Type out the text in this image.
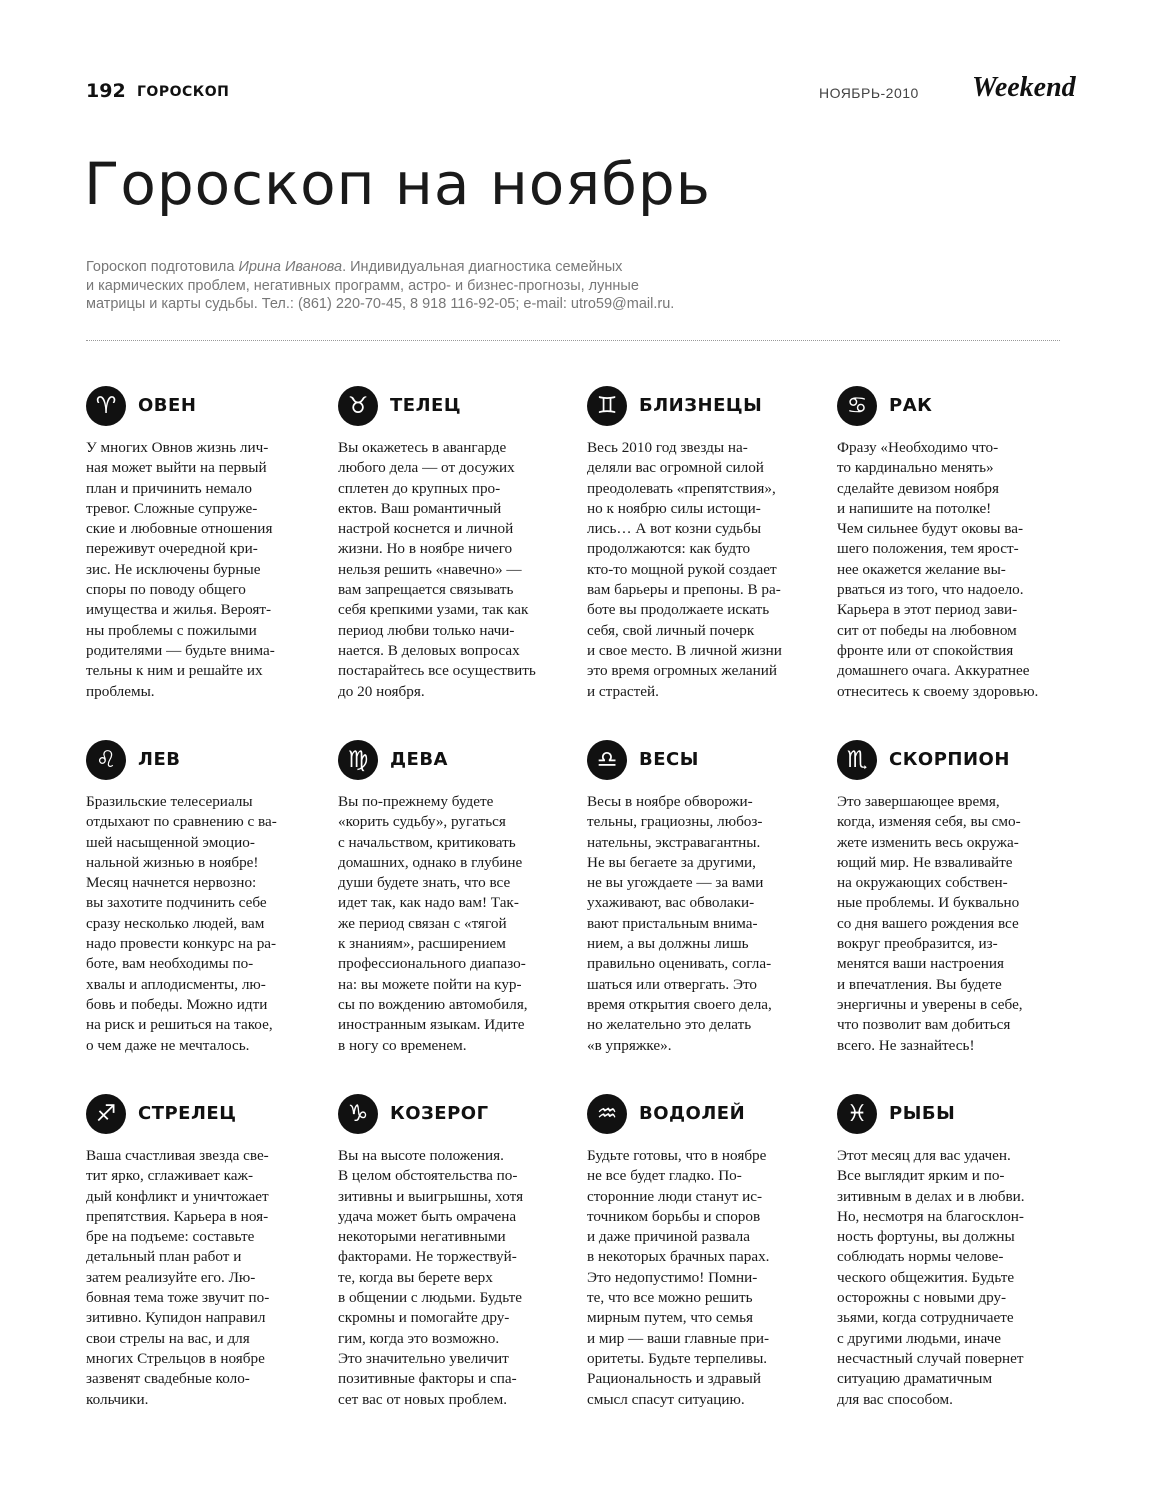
192 ГОРОСКОП	НОЯБРЬ-2010 Weekend
Гороскоп на ноябрь

Гороскоп подготовила Ирина Иванова. Индивидуальная диагностика семейных
и кармических проблем, негативных программ, астро- и бизнес-прогнозы, лунные
матрицы и карты судьбы. Тел.: (861) 220-70-45, 8 918 116-92-05; e-mail: utro59@mail.ru.

♈	ОВЕН

У многих Овнов жизнь лич-
ная может выйти на первый
план и причинить немало
тревог. Сложные супруже-
ские и любовные отношения
переживут очередной кри-
зис. Не исключены бурные
споры по поводу общего
имущества и жилья. Вероят-
ны проблемы с пожилыми
родителями — будьте внима-
тельны к ним и решайте их
проблемы.

♉	ТЕЛЕЦ

Вы окажетесь в авангарде
любого дела — от досужих
сплетен до крупных про-
ектов. Ваш романтичный
настрой коснется и личной
жизни. Но в ноябре ничего
нельзя решить «навечно» —
вам запрещается связывать
себя крепкими узами, так как
период любви только начи-
нается. В деловых вопросах
постарайтесь все осуществить
до 20 ноября.

♊	БЛИЗНЕЦЫ

Весь 2010 год звезды на-
деляли вас огромной силой
преодолевать «препятствия»,
но к ноябрю силы истощи-
лись… А вот козни судьбы
продолжаются: как будто
кто-то мощной рукой создает
вам барьеры и препоны. В ра-
боте вы продолжаете искать
себя, свой личный почерк
и свое место. В личной жизни
это время огромных желаний
и страстей.

♋	РАК

Фразу «Необходимо что-
то кардинально менять»
сделайте девизом ноября
и напишите на потолке!
Чем сильнее будут оковы ва-
шего положения, тем ярост-
нее окажется желание вы-
рваться из того, что надоело.
Карьера в этот период зави-
сит от победы на любовном
фронте или от спокойствия
домашнего очага. Аккуратнее
отнеситесь к своему здоровью.

♌	ЛЕВ

Бразильские телесериалы
отдыхают по сравнению с ва-
шей насыщенной эмоцио-
нальной жизнью в ноябре!
Месяц начнется нервозно:
вы захотите подчинить себе
сразу несколько людей, вам
надо провести конкурс на ра-
боте, вам необходимы по-
хвалы и аплодисменты, лю-
бовь и победы. Можно идти
на риск и решиться на такое,
о чем даже не мечталось.

♍	ДЕВА

Вы по-прежнему будете
«корить судьбу», ругаться
с начальством, критиковать
домашних, однако в глубине
души будете знать, что все
идет так, как надо вам! Так-
же период связан с «тягой
к знаниям», расширением
профессионального диапазо-
на: вы можете пойти на кур-
сы по вождению автомобиля,
иностранным языкам. Идите
в ногу со временем.

♎	ВЕСЫ

Весы в ноябре обворожи-
тельны, грациозны, любоз-
нательны, экстравагантны.
Не вы бегаете за другими,
не вы угождаете — за вами
ухаживают, вас обволаки-
вают пристальным внима-
нием, а вы должны лишь
правильно оценивать, согла-
шаться или отвергать. Это
время открытия своего дела,
но желательно это делать
«в упряжке».

♏	СКОРПИОН

Это завершающее время,
когда, изменяя себя, вы смо-
жете изменить весь окружа-
ющий мир. Не взваливайте
на окружающих собствен-
ные проблемы. И буквально
со дня вашего рождения все
вокруг преобразится, из-
менятся ваши настроения
и впечатления. Вы будете
энергичны и уверены в себе,
что позволит вам добиться
всего. Не зазнайтесь!

♐	СТРЕЛЕЦ

Ваша счастливая звезда све-
тит ярко, сглаживает каж-
дый конфликт и уничтожает
препятствия. Карьера в ноя-
бре на подъеме: составьте
детальный план работ и
затем реализуйте его. Лю-
бовная тема тоже звучит по-
зитивно. Купидон направил
свои стрелы на вас, и для
многих Стрельцов в ноябре
зазвенят свадебные коло-
кольчики.

♑	КОЗЕРОГ

Вы на высоте положения.
В целом обстоятельства по-
зитивны и выигрышны, хотя
удача может быть омрачена
некоторыми негативными
факторами. Не торжествуй-
те, когда вы берете верх
в общении с людьми. Будьте
скромны и помогайте дру-
гим, когда это возможно.
Это значительно увеличит
позитивные факторы и спа-
сет вас от новых проблем.

♒	ВОДОЛЕЙ

Будьте готовы, что в ноябре
не все будет гладко. По-
сторонние люди станут ис-
точником борьбы и споров
и даже причиной развала
в некоторых брачных парах.
Это недопустимо! Помни-
те, что все можно решить
мирным путем, что семья
и мир — ваши главные при-
оритеты. Будьте терпеливы.
Рациональность и здравый
смысл спасут ситуацию.

♓	РЫБЫ

Этот месяц для вас удачен.
Все выглядит ярким и по-
зитивным в делах и в любви.
Но, несмотря на благосклон-
ность фортуны, вы должны
соблюдать нормы челове-
ческого общежития. Будьте
осторожны с новыми дру-
зьями, когда сотрудничаете
с другими людьми, иначе
несчастный случай повернет
ситуацию драматичным
для вас способом.
